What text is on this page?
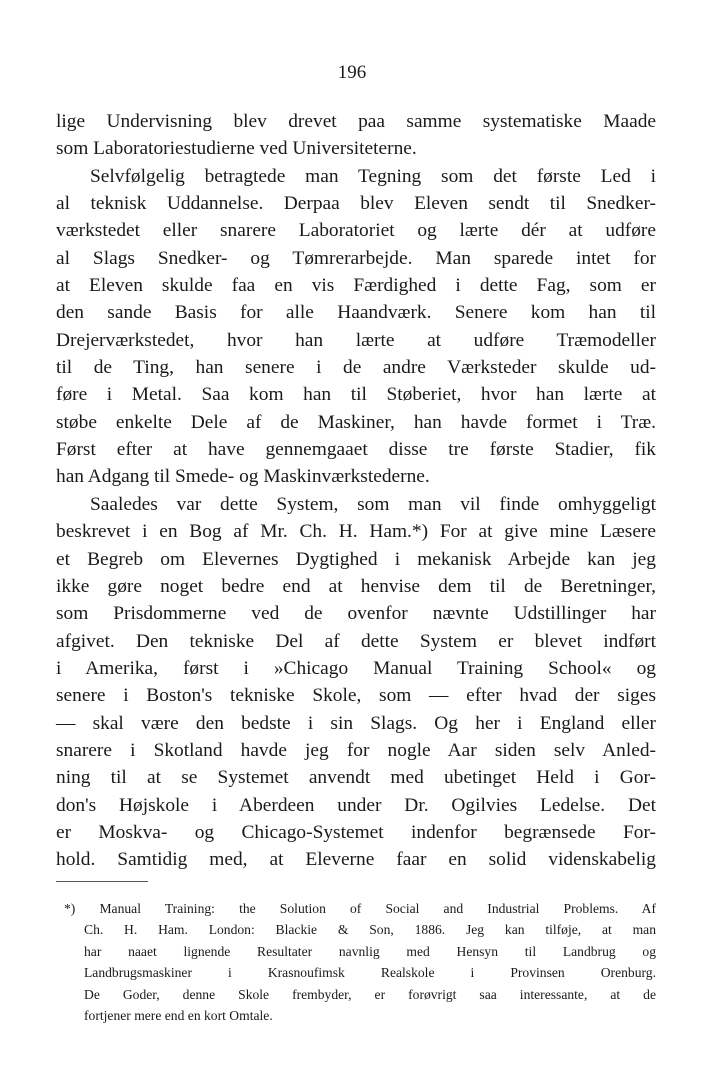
196
lige Undervisning blev drevet paa samme systematiske Maade
som Laboratoriestudierne ved Universiteterne.
Selvfølgelig betragtede man Tegning som det første Led i
al teknisk Uddannelse. Derpaa blev Eleven sendt til Snedker-
værkstedet eller snarere Laboratoriet og lærte dér at udføre
al Slags Snedker- og Tømrerarbejde. Man sparede intet for
at Eleven skulde faa en vis Færdighed i dette Fag, som er
den sande Basis for alle Haandværk. Senere kom han til
Drejerværkstedet, hvor han lærte at udføre Træmodeller
til de Ting, han senere i de andre Værksteder skulde ud-
føre i Metal. Saa kom han til Støberiet, hvor han lærte at
støbe enkelte Dele af de Maskiner, han havde formet i Træ.
Først efter at have gennemgaaet disse tre første Stadier, fik
han Adgang til Smede- og Maskinværkstederne.
Saaledes var dette System, som man vil finde omhyggeligt
beskrevet i en Bog af Mr. Ch. H. Ham.*) For at give mine Læsere
et Begreb om Elevernes Dygtighed i mekanisk Arbejde kan jeg
ikke gøre noget bedre end at henvise dem til de Beretninger,
som Prisdommerne ved de ovenfor nævnte Udstillinger har
afgivet. Den tekniske Del af dette System er blevet indført
i Amerika, først i »Chicago Manual Training School« og
senere i Boston's tekniske Skole, som — efter hvad der siges
— skal være den bedste i sin Slags. Og her i England eller
snarere i Skotland havde jeg for nogle Aar siden selv Anled-
ning til at se Systemet anvendt med ubetinget Held i Gor-
don's Højskole i Aberdeen under Dr. Ogilvies Ledelse. Det
er Moskva- og Chicago-Systemet indenfor begrænsede For-
hold. Samtidig med, at Eleverne faar en solid videnskabelig
*) Manual Training: the Solution of Social and Industrial Problems. Af
Ch. H. Ham. London: Blackie & Son, 1886. Jeg kan tilføje, at man
har naaet lignende Resultater navnlig med Hensyn til Landbrug og
Landbrugsmaskiner i Krasnoufimsk Realskole i Provinsen Orenburg.
De Goder, denne Skole frembyder, er forøvrigt saa interessante, at de
fortjener mere end en kort Omtale.
